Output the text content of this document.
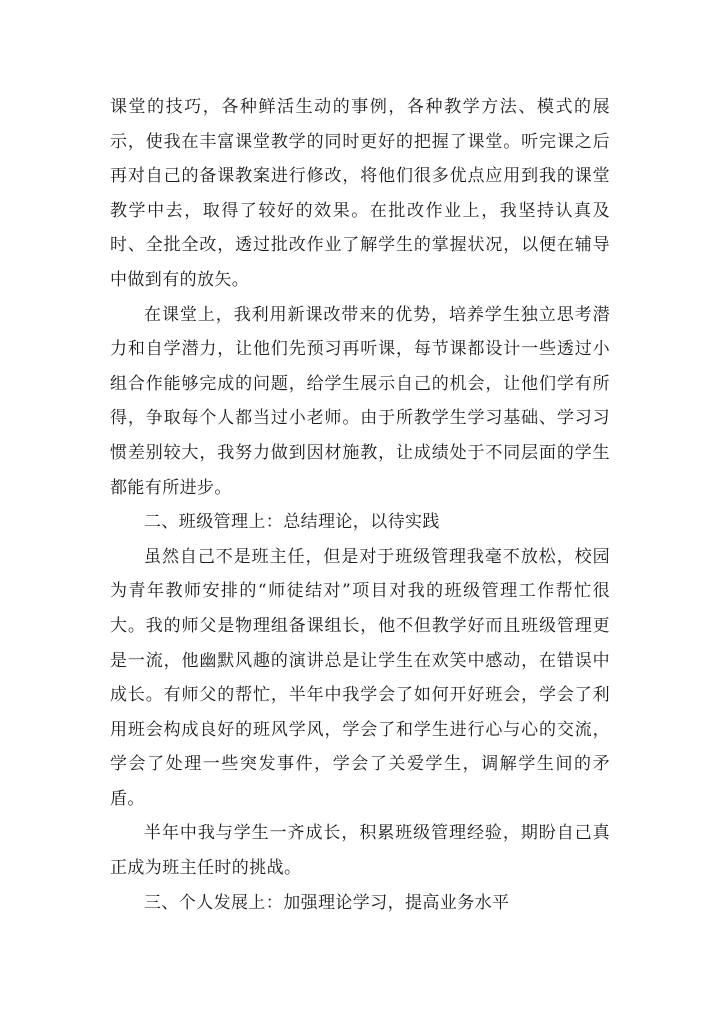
课堂的技巧，各种鲜活生动的事例，各种教学方法、模式的展示，使我在丰富课堂教学的同时更好的把握了课堂。听完课之后再对自己的备课教案进行修改，将他们很多优点应用到我的课堂教学中去，取得了较好的效果。在批改作业上，我坚持认真及时、全批全改，透过批改作业了解学生的掌握状况，以便在辅导中做到有的放矢。

在课堂上，我利用新课改带来的优势，培养学生独立思考潜力和自学潜力，让他们先预习再听课，每节课都设计一些透过小组合作能够完成的问题，给学生展示自己的机会，让他们学有所得，争取每个人都当过小老师。由于所教学生学习基础、学习习惯差别较大，我努力做到因材施教，让成绩处于不同层面的学生都能有所进步。

二、班级管理上：总结理论，以待实践

虽然自己不是班主任，但是对于班级管理我毫不放松，校园为青年教师安排的“师徒结对”项目对我的班级管理工作帮忙很大。我的师父是物理组备课组长，他不但教学好而且班级管理更是一流，他幽默风趣的演讲总是让学生在欢笑中感动，在错误中成长。有师父的帮忙，半年中我学会了如何开好班会，学会了利用班会构成良好的班风学风，学会了和学生进行心与心的交流，学会了处理一些突发事件，学会了关爱学生，调解学生间的矛盾。

半年中我与学生一齐成长，积累班级管理经验，期盼自己真正成为班主任时的挑战。

三、个人发展上：加强理论学习，提高业务水平
